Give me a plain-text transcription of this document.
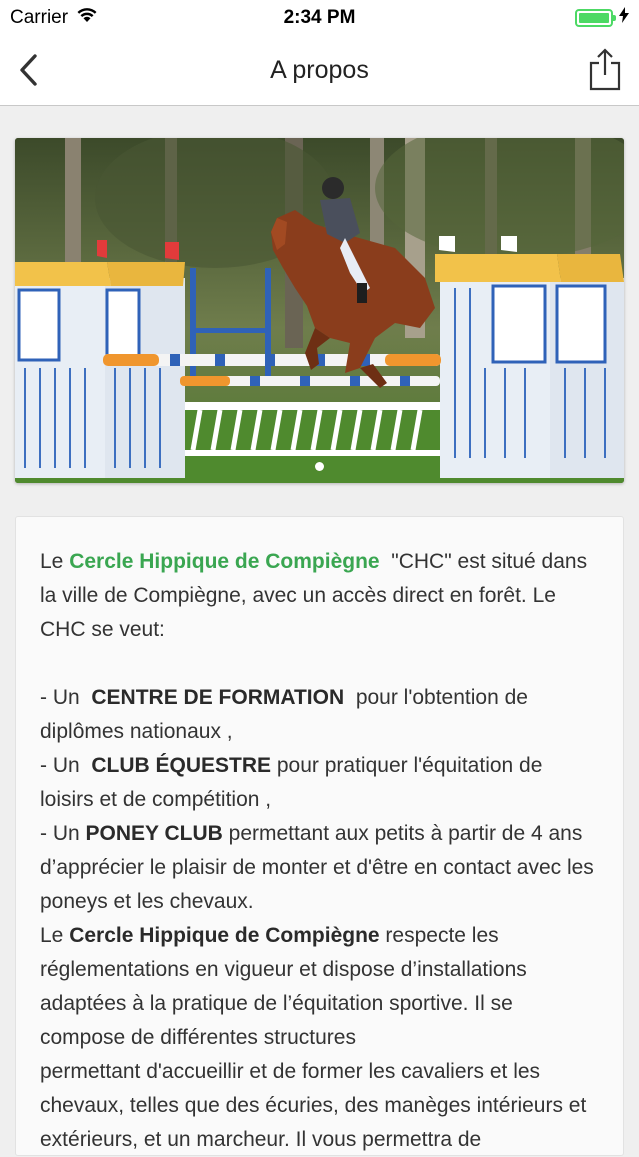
Carrier	2:34 PM
A propos

Le Cercle Hippique de Compiègne  "CHC" est situé dans la ville de Compiègne, avec un accès direct en forêt. Le CHC se veut:

- Un  CENTRE DE FORMATION  pour l'obtention de diplômes nationaux ,

- Un  CLUB ÉQUESTRE pour pratiquer l'équitation de loisirs et de compétition ,

- Un PONEY CLUB permettant aux petits à partir de 4 ans d’apprécier le plaisir de monter et d'être en contact avec les poneys et les chevaux.

Le Cercle Hippique de Compiègne respecte les réglementations en vigueur et dispose d’installations adaptées à la pratique de l’équitation sportive. Il se compose de différentes structures

permettant d'accueillir et de former les cavaliers et les chevaux, telles que des écuries, des manèges intérieurs et extérieurs, et un marcheur. Il vous permettra de
